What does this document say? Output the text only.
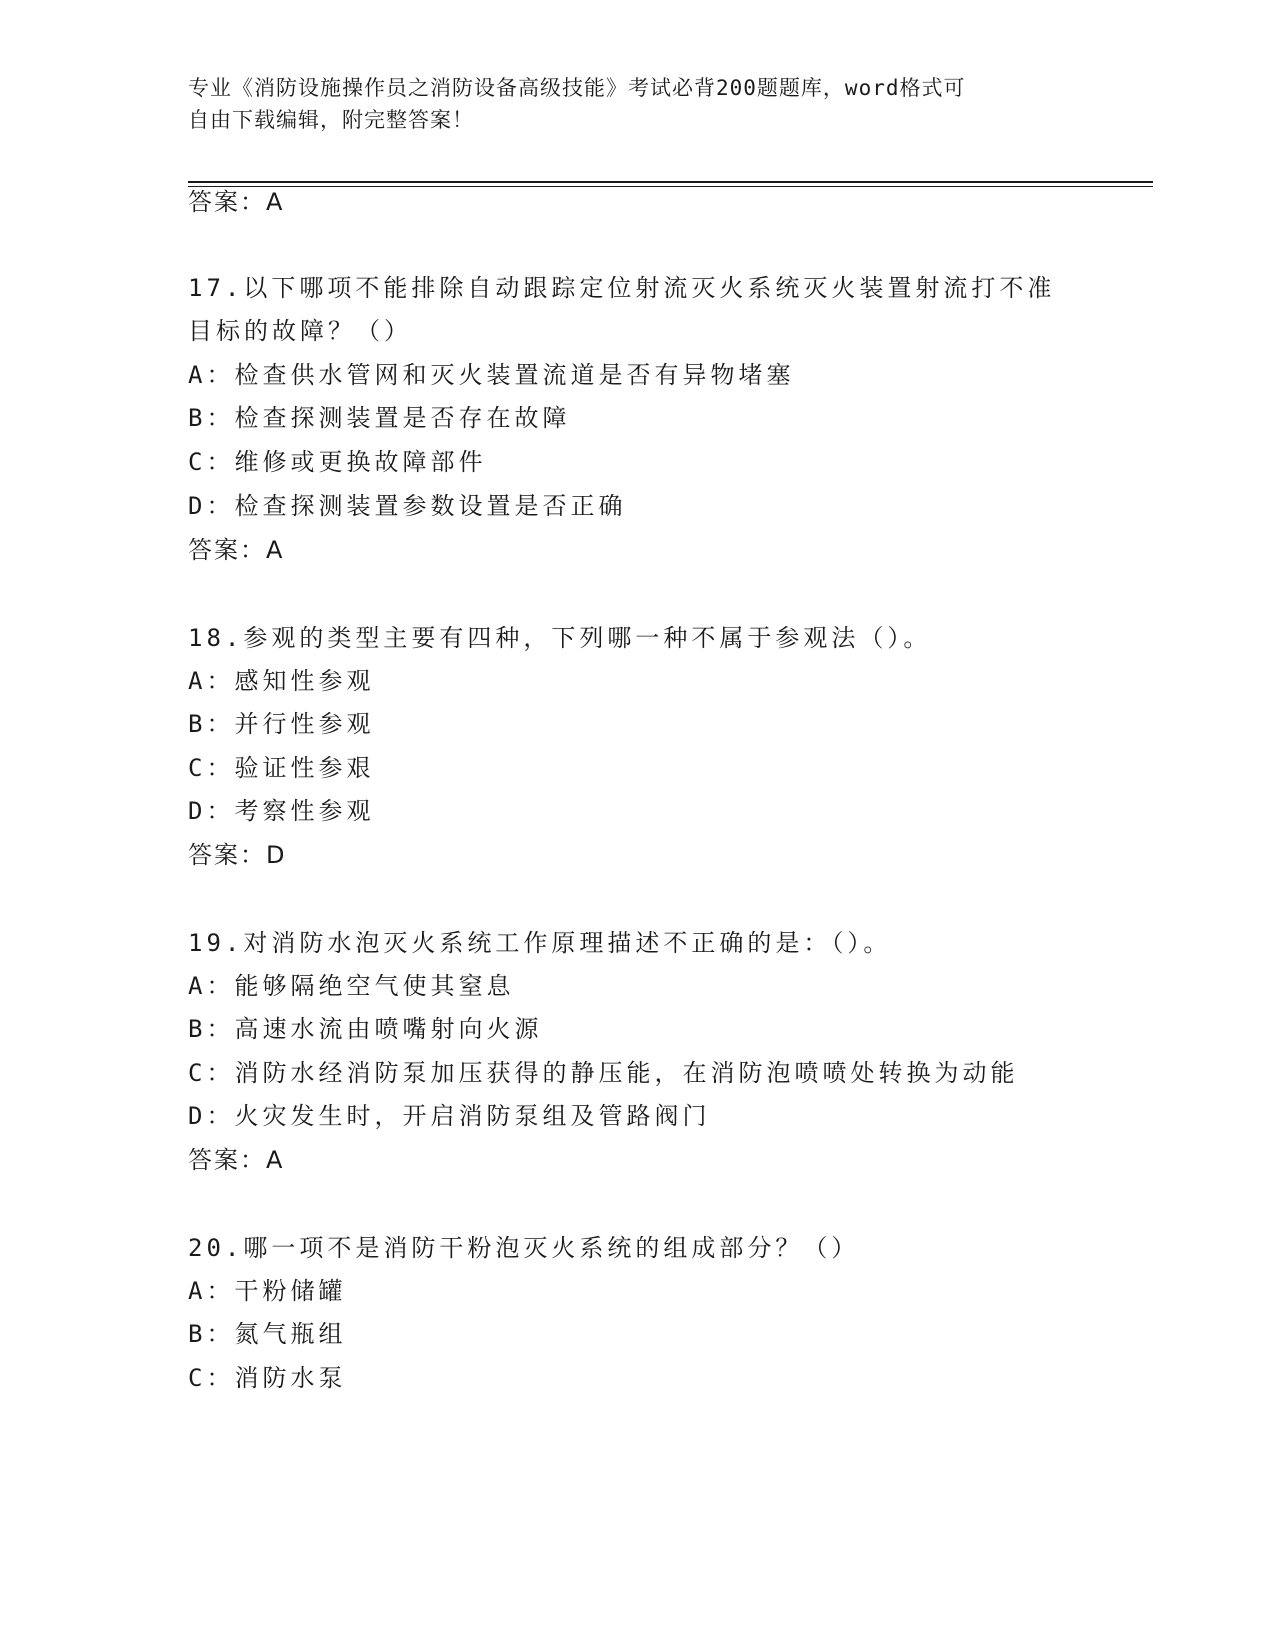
专业《消防设施操作员之消防设备高级技能》考试必背200题题库，word格式可
自由下载编辑，附完整答案！
答案：A
17.以下哪项不能排除自动跟踪定位射流灭火系统灭火装置射流打不准
目标的故障？（）
A：检查供水管网和灭火装置流道是否有异物堵塞
B：检查探测装置是否存在故障
C：维修或更换故障部件
D：检查探测装置参数设置是否正确
答案：A
18.参观的类型主要有四种，下列哪一种不属于参观法（）。
A：感知性参观
B：并行性参观
C：验证性参艰
D：考察性参观
答案：D
19.对消防水泡灭火系统工作原理描述不正确的是：（）。
A：能够隔绝空气使其窒息
B：高速水流由喷嘴射向火源
C：消防水经消防泵加压获得的静压能，在消防泡喷喷处转换为动能
D：火灾发生时，开启消防泵组及管路阀门
答案：A
20.哪一项不是消防干粉泡灭火系统的组成部分？（）
A：干粉储罐
B：氮气瓶组
C：消防水泵
